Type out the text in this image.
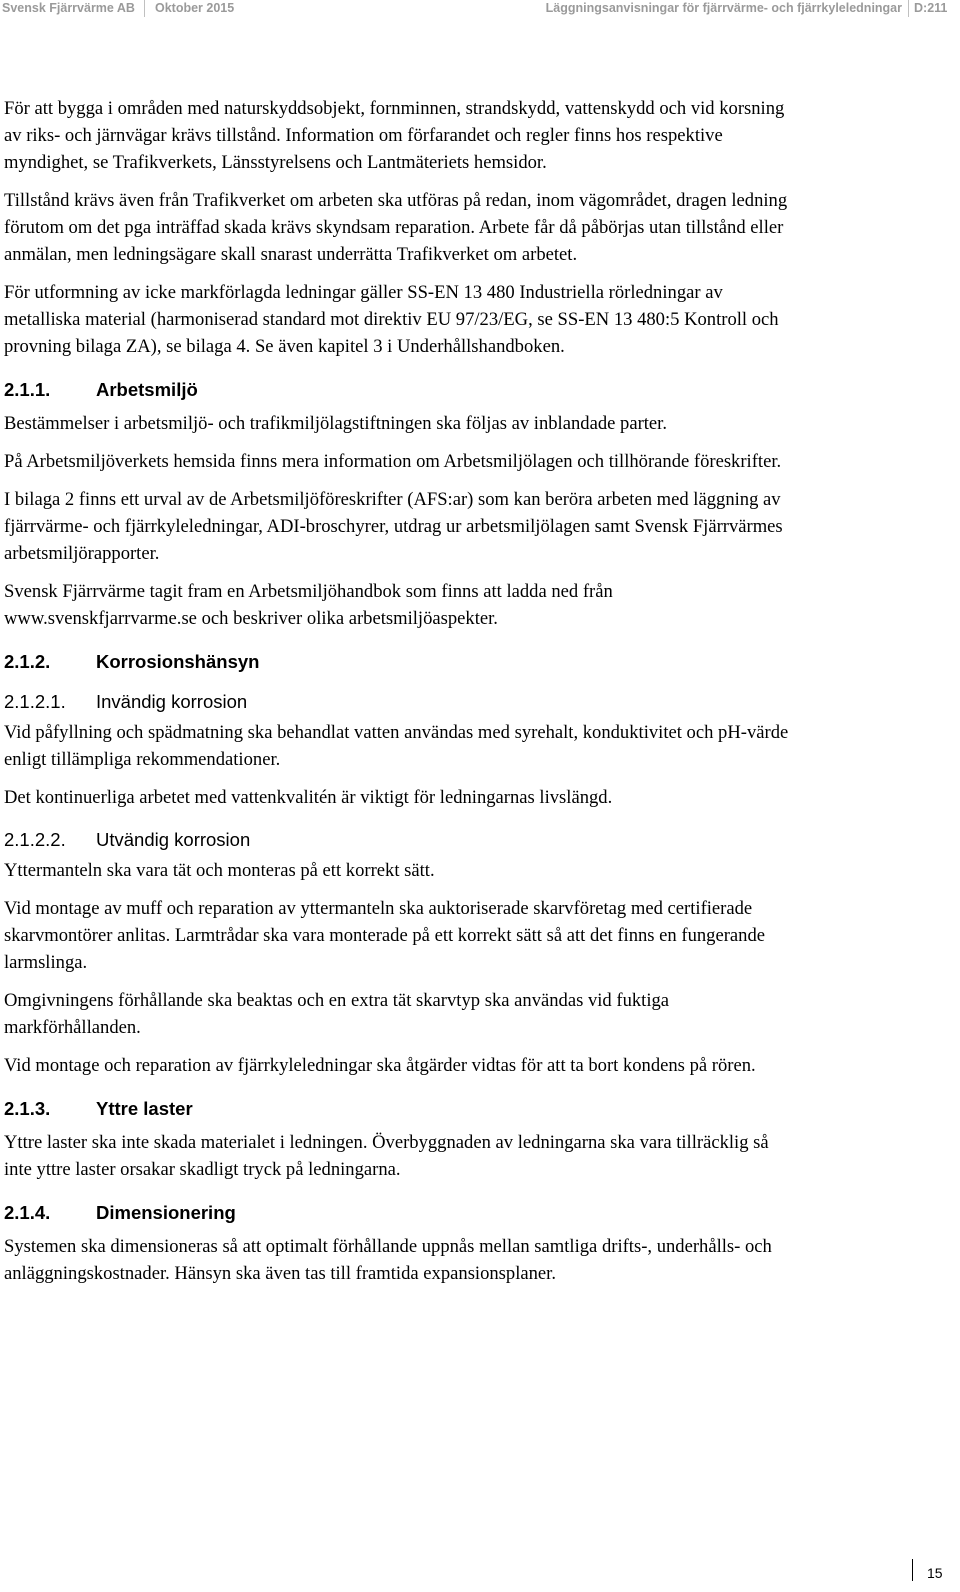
Svensk Fjärrvärme AB Oktober 2015	Läggningsanvisningar för fjärrvärme- och fjärrkyleledningar D:211

För att bygga i områden med naturskyddsobjekt, fornminnen, strandskydd, vattenskydd och vid korsning av riks- och järnvägar krävs tillstånd. Information om förfarandet och regler finns hos respektive myndighet, se Trafikverkets, Länsstyrelsens och Lantmäteriets hemsidor.

Tillstånd krävs även från Trafikverket om arbeten ska utföras på redan, inom vägområdet, dragen ledning förutom om det pga inträffad skada krävs skyndsam reparation. Arbete får då påbörjas utan tillstånd eller anmälan, men ledningsägare skall snarast underrätta Trafikverket om arbetet.

För utformning av icke markförlagda ledningar gäller SS-EN 13 480 Industriella rörledningar av metalliska material (harmoniserad standard mot direktiv EU 97/23/EG, se SS-EN 13 480:5 Kontroll och provning bilaga ZA), se bilaga 4. Se även kapitel 3 i Underhållshandboken.

2.1.1.	Arbetsmiljö

Bestämmelser i arbetsmiljö- och trafikmiljölagstiftningen ska följas av inblandade parter.

På Arbetsmiljöverkets hemsida finns mera information om Arbetsmiljölagen och tillhörande föreskrifter.

I bilaga 2 finns ett urval av de Arbetsmiljöföreskrifter (AFS:ar) som kan beröra arbeten med läggning av fjärrvärme- och fjärrkyleledningar, ADI-broschyrer, utdrag ur arbetsmiljölagen samt Svensk Fjärrvärmes arbetsmiljörapporter.

Svensk Fjärrvärme tagit fram en Arbetsmiljöhandbok som finns att ladda ned från www.svenskfjarrvarme.se och beskriver olika arbetsmiljöaspekter.

2.1.2.	Korrosionshänsyn
2.1.2.1.	Invändig korrosion

Vid påfyllning och spädmatning ska behandlat vatten användas med syrehalt, konduktivitet och pH-värde enligt tillämpliga rekommendationer.

Det kontinuerliga arbetet med vattenkvalitén är viktigt för ledningarnas livslängd.

2.1.2.2.	Utvändig korrosion

Yttermanteln ska vara tät och monteras på ett korrekt sätt.

Vid montage av muff och reparation av yttermanteln ska auktoriserade skarvföretag med certifierade skarvmontörer anlitas. Larmtrådar ska vara monterade på ett korrekt sätt så att det finns en fungerande larmslinga.

Omgivningens förhållande ska beaktas och en extra tät skarvtyp ska användas vid fuktiga markförhållanden.

Vid montage och reparation av fjärrkyleledningar ska åtgärder vidtas för att ta bort kondens på rören.

2.1.3.	Yttre laster

Yttre laster ska inte skada materialet i ledningen. Överbyggnaden av ledningarna ska vara tillräcklig så inte yttre laster orsakar skadligt tryck på ledningarna.

2.1.4.	Dimensionering

Systemen ska dimensioneras så att optimalt förhållande uppnås mellan samtliga drifts-, underhålls- och anläggningskostnader. Hänsyn ska även tas till framtida expansionsplaner.

15
